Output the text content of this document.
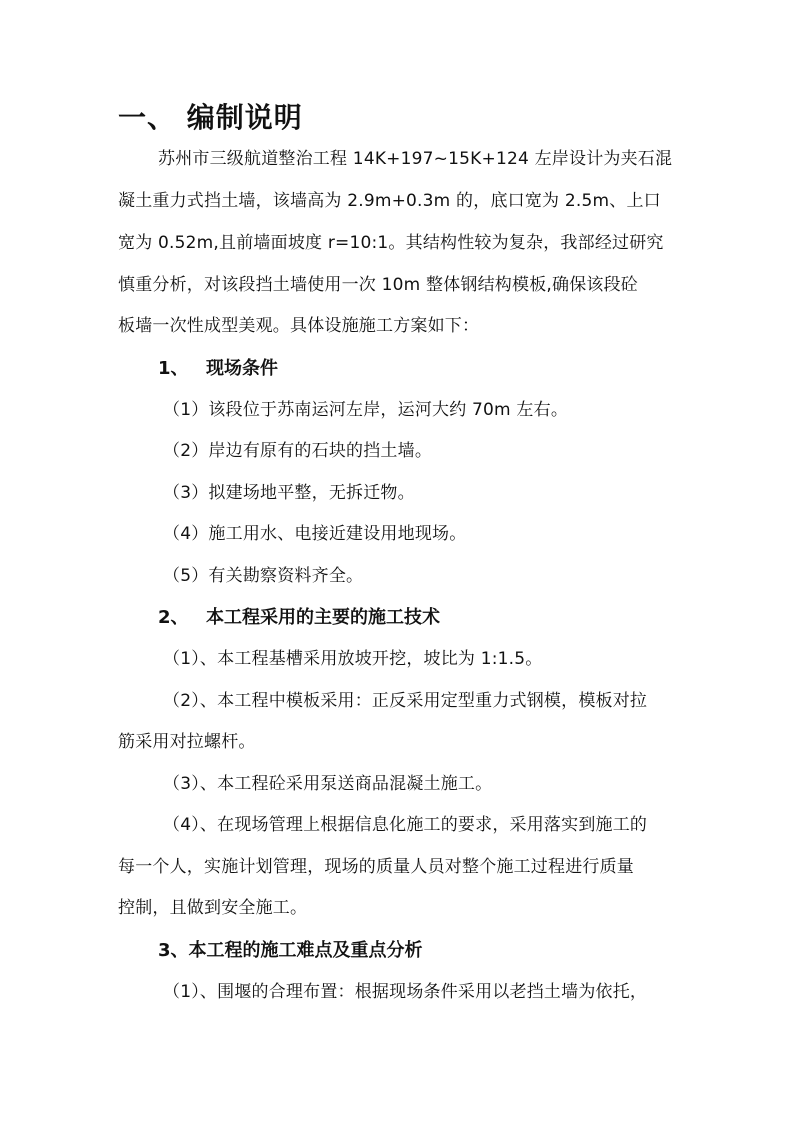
一、 编制说明
苏州市三级航道整治工程 14K+197~15K+124 左岸设计为夹石混
凝土重力式挡土墙，该墙高为 2.9m+0.3m 的，底口宽为 2.5m、上口
宽为 0.52m,且前墙面坡度 r=10:1。其结构性较为复杂，我部经过研究
慎重分析，对该段挡土墙使用一次 10m 整体钢结构模板,确保该段砼
板墙一次性成型美观。具体设施施工方案如下：
1、 现场条件
（1）该段位于苏南运河左岸，运河大约 70m 左右。
（2）岸边有原有的石块的挡土墙。
（3）拟建场地平整，无拆迁物。
（4）施工用水、电接近建设用地现场。
（5）有关勘察资料齐全。
2、 本工程采用的主要的施工技术
（1）、本工程基槽采用放坡开挖，坡比为 1:1.5。
（2）、本工程中模板采用：正反采用定型重力式钢模，模板对拉
筋采用对拉螺杆。
（3）、本工程砼采用泵送商品混凝土施工。
（4）、在现场管理上根据信息化施工的要求，采用落实到施工的
每一个人，实施计划管理，现场的质量人员对整个施工过程进行质量
控制，且做到安全施工。
3、本工程的施工难点及重点分析
（1）、围堰的合理布置：根据现场条件采用以老挡土墙为依托，
